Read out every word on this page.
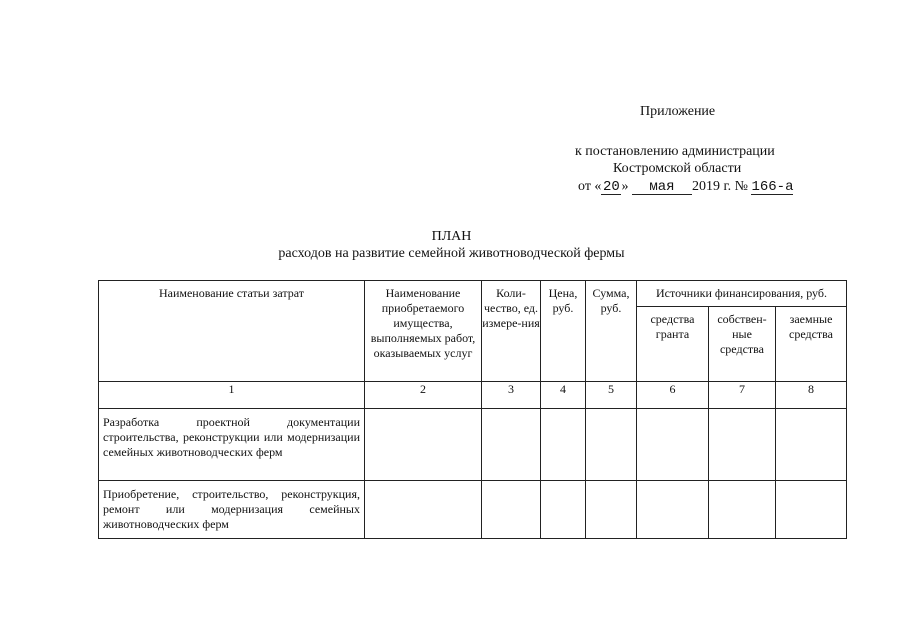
Приложение
к постановлению администрации
Костромской области
от « 20 » мая 2019 г. № 166-а
ПЛАН
расходов на развитие семейной животноводческой фермы
Наименование статьи затрат	Наименование приобретаемого имущества, выполняемых работ, оказываемых услуг	Коли-чество, ед. измере-ния	Цена, руб.	Сумма, руб.	Источники финансирования, руб.		
					средства гранта	собствен-ные средства	заемные средства
1	2	3	4	5	6	7	8
Разработка проектной документации строительства, реконструкции или модернизации семейных животноводческих ферм							
Приобретение, строительство, реконструкция, ремонт или модернизация семейных животноводческих ферм							
